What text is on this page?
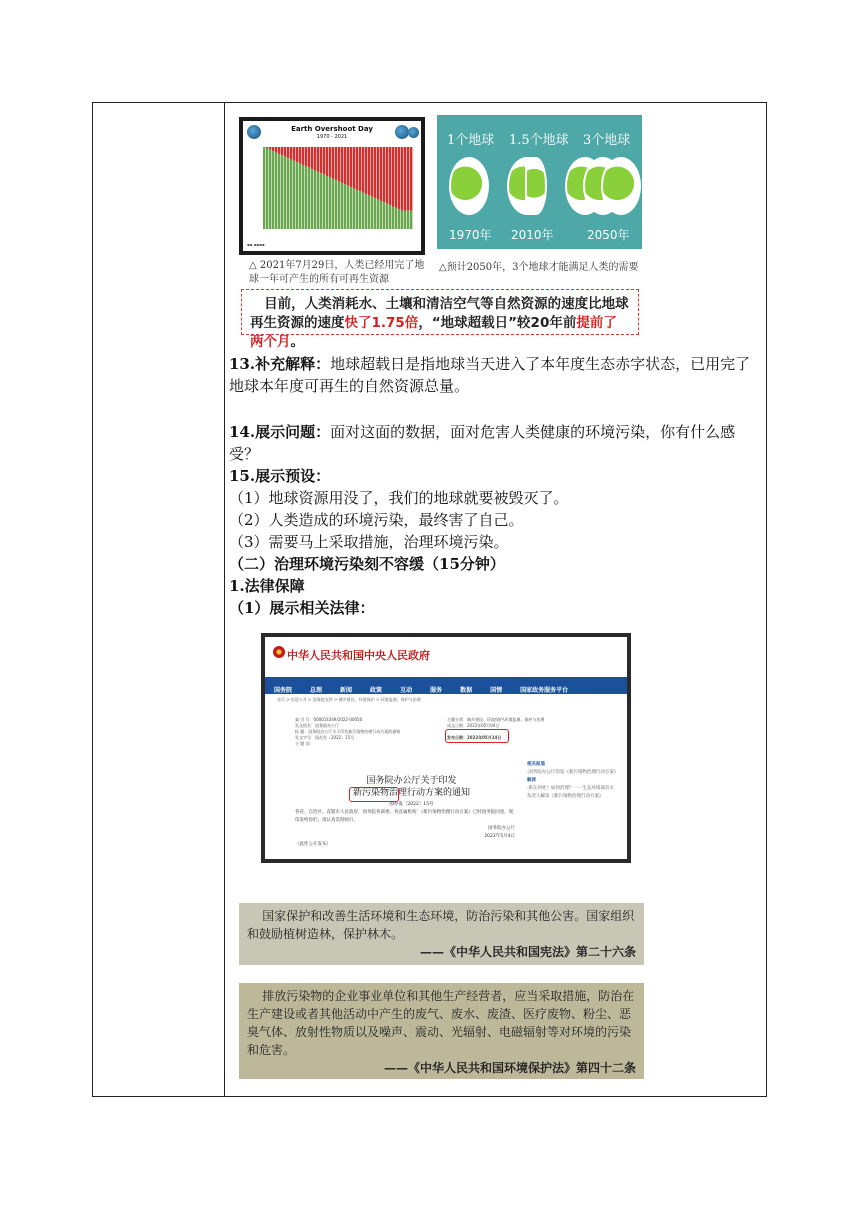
Earth Overshoot Day
1970 - 2021
▪▪ ▪▪▪▪
1个地球 1.5个地球 3个地球
1970年 2010年	2050年
△ 2021年7月29日，人类已经用完了地
球一年可产生的所有可再生资源
△预计2050年，3个地球才能满足人类的需要
目前，人类消耗水、土壤和清洁空气等自然资源的速度比地球再生资源的速度快了1.75倍，“地球超载日”较20年前提前了两个月。
13.补充解释：地球超载日是指地球当天进入了本年度生态赤字状态，已用完了地球本年度可再生的自然资源总量。
14.展示问题：面对这面的数据，面对危害人类健康的环境污染，你有什么感受？
15.展示预设：
（1）地球资源用没了，我们的地球就要被毁灭了。
（2）人类造成的环境污染，最终害了自己。
（3）需要马上采取措施，治理环境污染。
（二）治理环境污染刻不容缓（15分钟）
1.法律保障
（1）展示相关法律：
中华人民共和国中央人民政府
国务院	总理	新闻	政策	互动	服务	数据	国情	国家政务服务平台
首页 > 信息公开 > 国务院文件 > 城乡建设、环境保护 > 环境监测、保护与治理
索 引 号：000014349/2022-00050
发文机关：国务院办公厅
标 题：国务院办公厅关于印发新污染物治理行动方案的通知
发文字号：国办发〔2022〕15号
主 题 词：
主题分类：城乡建设、环境保护\环境监测、保护与治理
成文日期：2022年05月04日
发布日期：2022年05月24日
国务院办公厅关于印发
新污染物治理行动方案的通知
国办发〔2022〕15号
各省、自治区、直辖市人民政府，国务院各部委、各直属机构：《新污染物治理行动方案》已经国务院同意，现印发给你们，请认真贯彻执行。
国务院办公厅
2022年5月4日
（此件公开发布）
相关报道
·国务院办公厅印发《新污染物治理行动方案》
解读
·新在何处？如何治理？一一生态环境部有关负责人解读《新污染物治理行动方案》
国家保护和改善生活环境和生态环境，防治污染和其他公害。国家组织和鼓励植树造林，保护林木。
——《中华人民共和国宪法》第二十六条
排放污染物的企业事业单位和其他生产经营者，应当采取措施，防治在生产建设或者其他活动中产生的废气、废水、废渣、医疗废物、粉尘、恶臭气体、放射性物质以及噪声、震动、光辐射、电磁辐射等对环境的污染和危害。
——《中华人民共和国环境保护法》第四十二条
